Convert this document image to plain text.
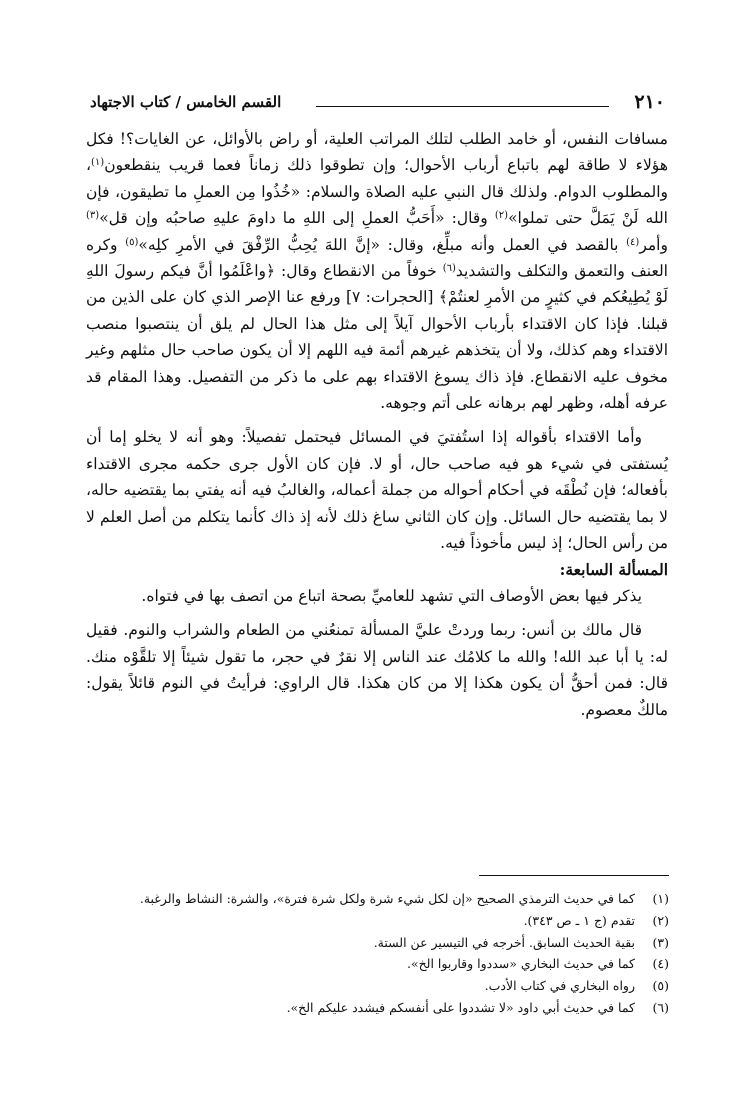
٢١٠
القسم الخامس / كتاب الاجتهاد

مسافات النفس، أو خامد الطلب لتلك المراتب العلية، أو راض بالأوائل، عن الغايات؟! فكل هؤلاء لا طاقة لهم باتباع أرباب الأحوال؛ وإن تطوقوا ذلك زماناً فعما قريب ينقطعون$^{(١)}$، والمطلوب الدوام. ولذلك قال النبي عليه الصلاة والسلام: «خُذُوا مِن العملِ ما تطيقون، فإن الله لَنْ يَمَلَّ حتى تملوا»$^{(٢)}$ وقال: «أَحَبُّ العملِ إلى اللهِ ما داومَ عليهِ صاحبُه وإن قل»$^{(٣)}$ وأمر$^{(٤)}$ بالقصد في العمل وأنه مبلِّغ، وقال: «إنَّ اللهَ يُحِبُّ الرِّفْقَ في الأمرِ كلِه»$^{(٥)}$ وكره العنف والتعمق والتكلف والتشديد$^{(٦)}$ خوفاً من الانقطاع وقال: ﴿واعْلَمُوا أنَّ فيكم رسولَ اللهِ لَوْ يُطِيعُكم في كثيرٍ من الأمرِ لعنتُمْ﴾ [الحجرات: ٧] ورفع عنا الإصر الذي كان على الذين من قبلنا. فإذا كان الاقتداء بأرباب الأحوال آيلاً إلى مثل هذا الحال لم يلق أن ينتصبوا منصب الاقتداء وهم كذلك، ولا أن يتخذهم غيرهم أئمة فيه اللهم إلا أن يكون صاحب حال مثلهم وغير مخوف عليه الانقطاع. فإذ ذاك يسوغ الاقتداء بهم على ما ذكر من التفصيل. وهذا المقام قد عرفه أهله، وظهر لهم برهانه على أتم وجوهه.

وأما الاقتداء بأقواله إذا استُفتيَ في المسائل فيحتمل تفصيلاً: وهو أنه لا يخلو إما أن يُستفتى في شيء هو فيه صاحب حال، أو لا. فإن كان الأول جرى حكمه مجرى الاقتداء بأفعاله؛ فإن نُطْقَه في أحكام أحواله من جملة أعماله، والغالبُ فيه أنه يفتي بما يقتضيه حاله، لا بما يقتضيه حال السائل. وإن كان الثاني ساغ ذلك لأنه إذ ذاك كأنما يتكلم من أصل العلم لا من رأس الحال؛ إذ ليس مأخوذاً فيه.

المسألة السابعة:

يذكر فيها بعض الأوصاف التي تشهد للعاميِّ بصحة اتباع من اتصف بها في فتواه.

قال مالك بن أنس: ربما وردتْ عليَّ المسألة تمنعُني من الطعام والشراب والنوم. فقيل له: يا أبا عبد الله! والله ما كلامُك عند الناس إلا نقرٌ في حجر، ما تقول شيئاً إلا تلقَّوْه منك. قال: فمن أحقُّ أن يكون هكذا إلا من كان هكذا. قال الراوي: فرأيتُ في النوم قائلاً يقول: مالكٌ معصوم.

(١)
كما في حديث الترمذي الصحيح «إن لكل شيء شرة ولكل شرة فترة»، والشرة: النشاط والرغبة.
(٢)
تقدم (ج ١ ـ ص ٣٤٣).
(٣)
بقية الحديث السابق. أخرجه في التيسير عن الستة.
(٤)
كما في حديث البخاري «سددوا وقاربوا الخ».
(٥)
رواه البخاري في كتاب الأدب.
(٦)
كما في حديث أبي داود «لا تشددوا على أنفسكم فيشدد عليكم الخ».
